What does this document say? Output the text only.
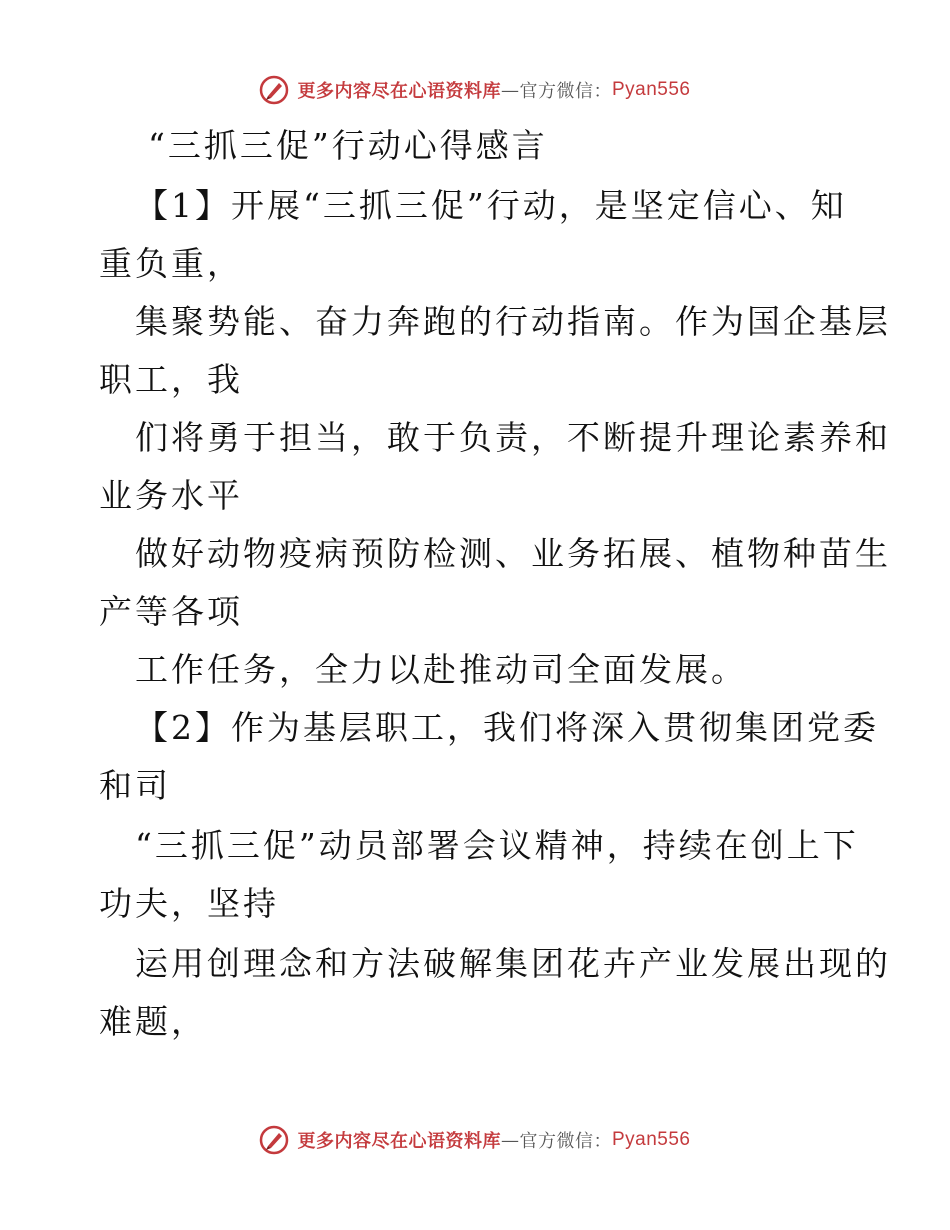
更多内容尽在心语资料库 — 官方微信： Pyan556
“三抓三促”行动心得感言
【1】开展“三抓三促”行动，是坚定信心、知
重负重，
集聚势能、奋力奔跑的行动指南。作为国企基层
职工，我
们将勇于担当，敢于负责，不断提升理论素养和
业务水平
做好动物疫病预防检测、业务拓展、植物种苗生
产等各项
工作任务，全力以赴推动司全面发展。
【2】作为基层职工，我们将深入贯彻集团党委
和司
“三抓三促”动员部署会议精神，持续在创上下
功夫，坚持
运用创理念和方法破解集团花卉产业发展出现的
难题，
更多内容尽在心语资料库 — 官方微信： Pyan556
